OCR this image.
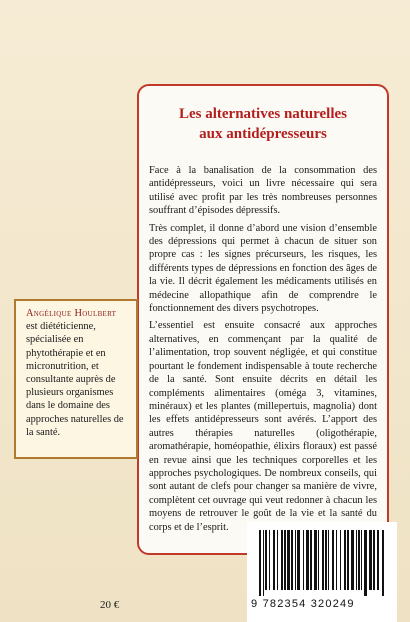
Les alternatives naturelles
aux antidépresseurs

Face à la banalisation de la consommation des antidépresseurs, voici un livre nécessaire qui sera utilisé avec profit par les très nombreuses personnes souffrant d’épisodes dépressifs.

Très complet, il donne d’abord une vision d’ensemble des dépressions qui permet à chacun de situer son propre cas : les signes précurseurs, les risques, les différents types de dépressions en fonction des âges de la vie. Il décrit également les médicaments utilisés en médecine allopathique afin de comprendre le fonctionnement des divers psychotropes.

L’essentiel est ensuite consacré aux approches alternatives, en commençant par la qualité de l’alimentation, trop souvent négligée, et qui constitue pourtant le fondement indispensable à toute recherche de la santé. Sont ensuite décrits en détail les compléments alimentaires (oméga 3, vitamines, minéraux) et les plantes (millepertuis, magnolia) dont les effets antidépresseurs sont avérés. L’apport des autres thérapies naturelles (oligothérapie, aromathérapie, homéopathie, élixirs floraux) est passé en revue ainsi que les techniques corporelles et les approches psychologiques. De nombreux conseils, qui sont autant de clefs pour changer sa manière de vivre, complètent cet ouvrage qui veut redonner à chacun les moyens de retrouver le goût de la vie et la santé du corps et de l’esprit.

Angélique Houlbert
est diététicienne, spécialisée en phytothérapie et en micronutrition, et consultante auprès de plusieurs organismes dans le domaine des approches naturelles de la santé.
20 €	9 782354 320249
